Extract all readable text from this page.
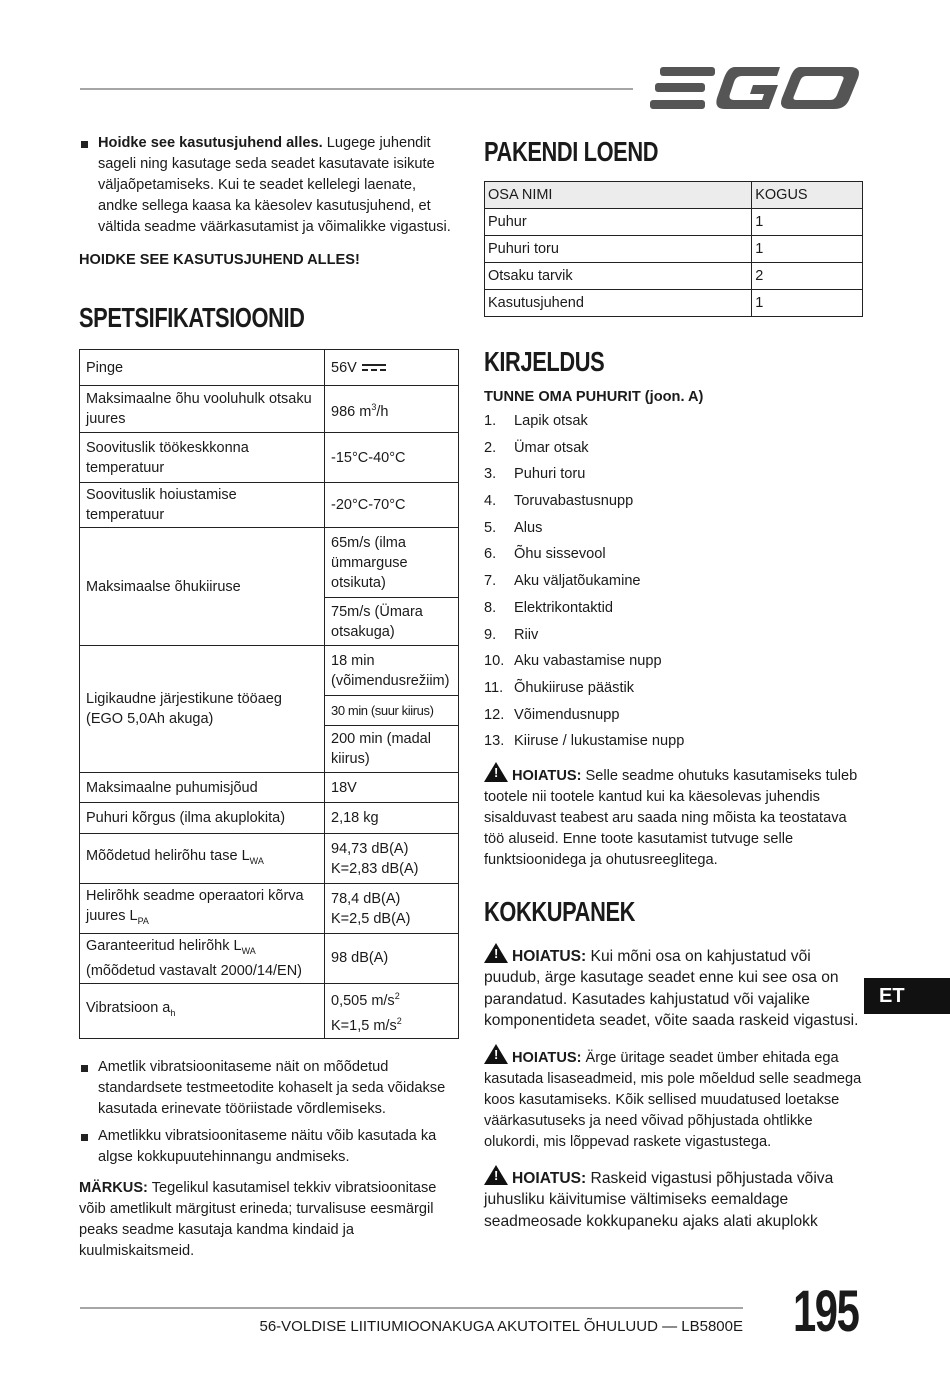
Hoidke see kasutusjuhend alles. Lugege juhendit sageli ning kasutage seda seadet kasutavate isikute väljaõpetamiseks. Kui te seadet kellelegi laenate, andke sellega kaasa ka käesolev kasutusjuhend, et vältida seadme väärkasutamist ja võimalikke vigastusi.

HOIDKE SEE KASUTUSJUHEND ALLES!

SPETSIFIKATSIOONID
Pinge	56V
Maksimaalne õhu vooluhulk otsaku juures	986 $m^3/h$
Soovituslik töökeskkonna temperatuur	-15°C-40°C
Soovituslik hoiustamise temperatuur	-20°C-70°C
Maksimaalse õhukiiruse	65m/s (ilma ümmarguse otsikuta)
	75m/s (Ümara otsakuga)
Ligikaudne järjestikune tööaeg (EGO 5,0Ah akuga)	18 min (võimendusrežiim)
	30 min (suur kiirus)
	200 min (madal kiirus)
Maksimaalne puhumisjõud	18V
Puhuri kõrgus (ilma akuplokita)	2,18 kg
Mõõdetud helirõhu tase $L_{WA}$	94,73 dB(A)
K=2,83 dB(A)
Helirõhk seadme operaatori kõrva juures $L_{PA}$	78,4 dB(A)
K=2,5 dB(A)
Garanteeritud helirõhk $L_{WA}$
(mõõdetud vastavalt 2000/14/EN)	98 dB(A)
Vibratsioon $a_h$	0,505 $m/s^2$
K=1,5 $m/s^2$

Ametlik vibratsioonitaseme näit on mõõdetud standardsete testmeetodite kohaselt ja seda võidakse kasutada erinevate tööriistade võrdlemiseks.

Ametlikku vibratsioonitaseme näitu võib kasutada ka algse kokkupuutehinnangu andmiseks.

MÄRKUS: Tegelikul kasutamisel tekkiv vibratsioonitase võib ametlikult märgitust erineda; turvalisuse eesmärgil peaks seadme kasutaja kandma kindaid ja kuulmiskaitsmeid.

PAKENDI LOEND
OSA NIMI	KOGUS
Puhur	1
Puhuri toru	1
Otsaku tarvik	2
Kasutusjuhend	1
KIRJELDUS

TUNNE OMA PUHURIT (joon. A)

1.	Lapik otsak
2.	Ümar otsak
3.	Puhuri toru
4.	Toruvabastusnupp
5.	Alus
6.	Õhu sissevool
7.	Aku väljatõukamine
8.	Elektrikontaktid
9.	Riiv
10. Aku vabastamise nupp
11. Õhukiiruse päästik
12. Võimendusnupp
13. Kiiruse / lukustamise nupp

! HOIATUS: Selle seadme ohutuks kasutamiseks tuleb tootele nii tootele kantud kui ka käesolevas juhendis sisalduvast teabest aru saada ning mõista ka teostatava töö aluseid. Enne toote kasutamist tutvuge selle funktsioonidega ja ohutusreeglitega.

KOKKUPANEK

! HOIATUS: Kui mõni osa on kahjustatud või puudub, ärge kasutage seadet enne kui see osa on parandatud. Kasutades kahjustatud või vajalike komponentideta seadet, võite saada raskeid vigastusi.

! HOIATUS: Ärge üritage seadet ümber ehitada ega kasutada lisaseadmeid, mis pole mõeldud selle seadmega koos kasutamiseks. Kõik sellised muudatused loetakse väärkasutuseks ja need võivad põhjustada ohtlikke olukordi, mis lõppevad raskete vigastustega.

! HOIATUS: Raskeid vigastusi põhjustada võiva juhusliku käivitumise vältimiseks eemaldage seadmeosade kokkupaneku ajaks alati akuplokk

ET
56-VOLDISE LIITIUMIOONAKUGA AKUTOITEL ÕHULUUD — LB5800E 195
